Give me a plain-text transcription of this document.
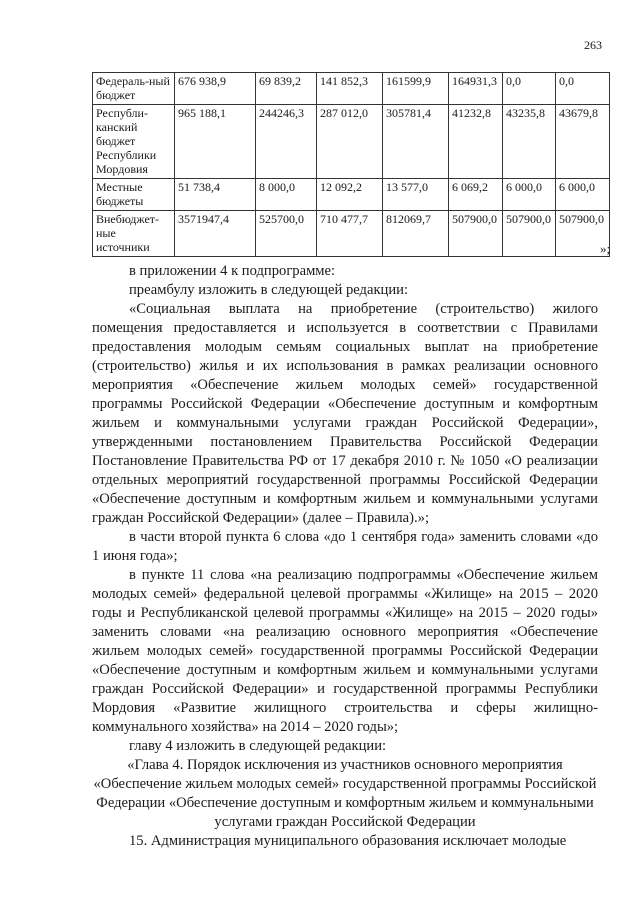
263
Федераль-ный бюджет	676 938,9	69 839,2	141 852,3	161599,9	164931,3	0,0	0,0
Республи-канский бюджет Республики Мордовия	965 188,1	244246,3	287 012,0	305781,4	41232,8	43235,8	43679,8
Местные бюджеты	51 738,4	8 000,0	12 092,2	13 577,0	6 069,2	6 000,0	6 000,0
Внебюджет-ные источники	3571947,4	525700,0	710 477,7	812069,7	507900,0	507900,0	507900,0
»;

в приложении 4 к подпрограмме:

преамбулу изложить в следующей редакции:

«Социальная выплата на приобретение (строительство) жилого помещения предоставляется и используется в соответствии с Правилами предоставления молодым семьям социальных выплат на приобретение (строительство) жилья и их использования в рамках реализации основного мероприятия «Обеспечение жильем молодых семей» государственной программы Российской Федерации «Обеспечение доступным и комфортным жильем и коммунальными услугами граждан Российской Федерации», утвержденными постановлением Правительства Российской Федерации Постановление Правительства РФ от 17 декабря 2010 г. № 1050 «О реализации отдельных мероприятий государственной программы Российской Федерации «Обеспечение доступным и комфортным жильем и коммунальными услугами граждан Российской Федерации» (далее – Правила).»;

в части второй пункта 6 слова «до 1 сентября года» заменить словами «до 1 июня года»;

в пункте 11 слова «на реализацию подпрограммы «Обеспечение жильем молодых семей» федеральной целевой программы «Жилище» на 2015 – 2020 годы и Республиканской целевой программы «Жилище» на 2015 – 2020 годы» заменить словами «на реализацию основного мероприятия «Обеспечение жильем молодых семей» государственной программы Российской Федерации «Обеспечение доступным и комфортным жильем и коммунальными услугами граждан Российской Федерации» и государственной программы Республики Мордовия «Развитие жилищного строительства и сферы жилищно-коммунального хозяйства» на 2014 – 2020 годы»;

главу 4 изложить в следующей редакции:

«Глава 4. Порядок исключения из участников основного мероприятия «Обеспечение жильем молодых семей» государственной программы Российской Федерации «Обеспечение доступным и комфортным жильем и коммунальными услугами граждан Российской Федерации

15. Администрация муниципального образования исключает молодые
